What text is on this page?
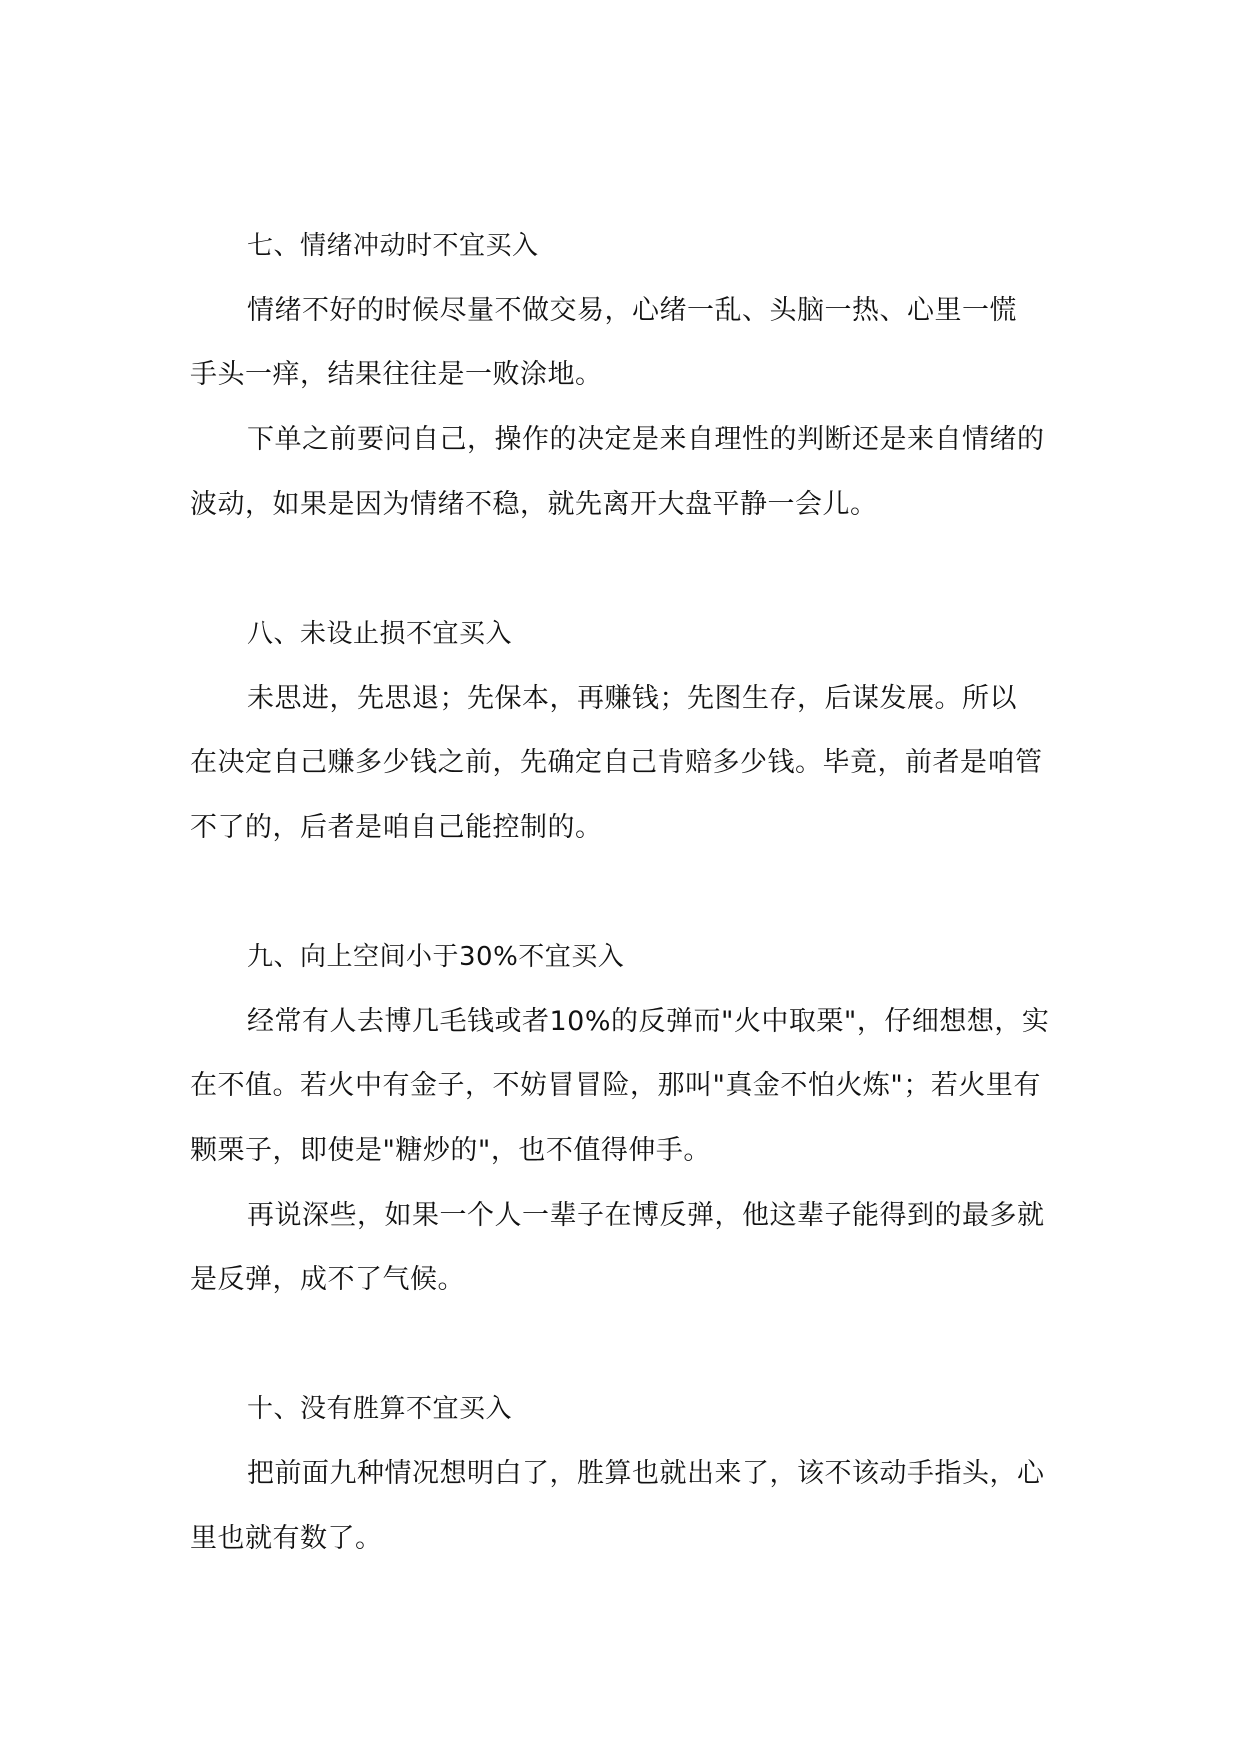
七、情绪冲动时不宜买入
情绪不好的时候尽量不做交易，心绪一乱、头脑一热、心里一慌
手头一痒，结果往往是一败涂地。
下单之前要问自己，操作的决定是来自理性的判断还是来自情绪的
波动，如果是因为情绪不稳，就先离开大盘平静一会儿。
八、未设止损不宜买入
未思进，先思退；先保本，再赚钱；先图生存，后谋发展。所以
在决定自己赚多少钱之前，先确定自己肯赔多少钱。毕竟，前者是咱管
不了的，后者是咱自己能控制的。
九、向上空间小于30%不宜买入
经常有人去博几毛钱或者10%的反弹而"火中取栗"，仔细想想，实
在不值。若火中有金子，不妨冒冒险，那叫"真金不怕火炼"；若火里有
颗栗子，即使是"糖炒的"，也不值得伸手。
再说深些，如果一个人一辈子在博反弹，他这辈子能得到的最多就
是反弹，成不了气候。
十、没有胜算不宜买入
把前面九种情况想明白了，胜算也就出来了，该不该动手指头，心
里也就有数了。
